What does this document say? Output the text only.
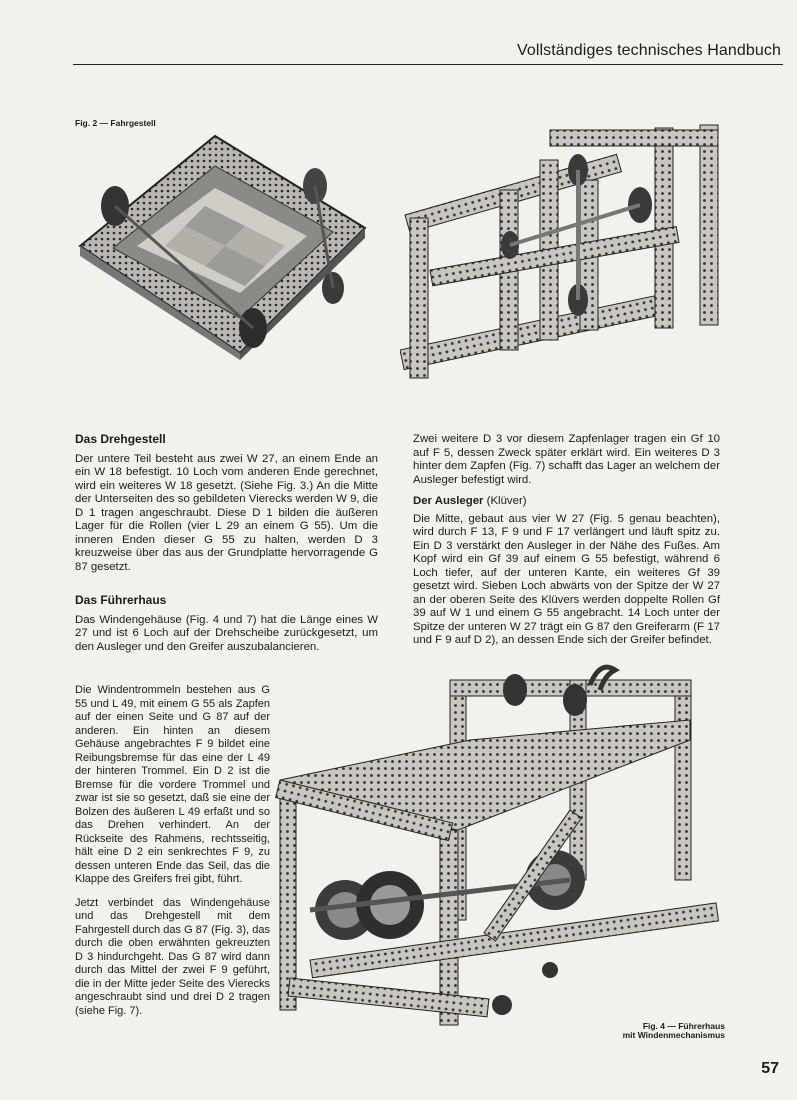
Vollständiges technisches Handbuch
Fig. 2 — Fahrgestell

Das Drehgestell

Der untere Teil besteht aus zwei W 27, an einem Ende an ein W 18 befestigt. 10 Loch vom anderen Ende gerechnet, wird ein weiteres W 18 gesetzt. (Siehe Fig. 3.) An die Mitte der Unterseiten des so gebildeten Vierecks werden W 9, die D 1 tragen angeschraubt. Diese D 1 bilden die äußeren Lager für die Rollen (vier L 29 an einem G 55). Um die inneren Enden dieser G 55 zu halten, werden D 3 kreuzweise über das aus der Grundplatte hervorragende G 87 gesetzt.

Das Führerhaus

Das Windengehäuse (Fig. 4 und 7) hat die Länge eines W 27 und ist 6 Loch auf der Drehscheibe zurückgesetzt, um den Ausleger und den Greifer auszubalancieren.

Die Windentrommeln bestehen aus G 55 und L 49, mit einem G 55 als Zapfen auf der einen Seite und G 87 auf der anderen. Ein hinten an diesem Gehäuse angebrachtes F 9 bildet eine Reibungsbremse für das eine der L 49 der hinteren Trommel. Ein D 2 ist die Bremse für die vordere Trommel und zwar ist sie so gesetzt, daß sie eine der Bolzen des äußeren L 49 erfaßt und so das Drehen verhindert. An der Rückseite des Rahmens, rechtsseitig, hält eine D 2 ein senkrechtes F 9, zu dessen unteren Ende das Seil, das die Klappe des Greifers frei gibt, führt.

Jetzt verbindet das Windengehäuse und das Drehgestell mit dem Fahrgestell durch das G 87 (Fig. 3), das durch die oben erwähnten gekreuzten D 3 hindurchgeht. Das G 87 wird dann durch das Mittel der zwei F 9 geführt, die in der Mitte jeder Seite des Vierecks angeschraubt sind und drei D 2 tragen (siehe Fig. 7).

Zwei weitere D 3 vor diesem Zapfenlager tragen ein Gf 10 auf F 5, dessen Zweck später erklärt wird. Ein weiteres D 3 hinter dem Zapfen (Fig. 7) schafft das Lager an welchem der Ausleger befestigt wird.

Der Ausleger (Klüver)

Die Mitte, gebaut aus vier W 27 (Fig. 5 genau beachten), wird durch F 13, F 9 und F 17 verlängert und läuft spitz zu. Ein D 3 verstärkt den Ausleger in der Nähe des Fußes. Am Kopf wird ein Gf 39 auf einem G 55 befestigt, während 6 Loch tiefer, auf der unteren Kante, ein weiteres Gf 39 gesetzt wird. Sieben Loch abwärts von der Spitze der W 27 an der oberen Seite des Klüvers werden doppelte Rollen Gf 39 auf W 1 und einem G 55 angebracht. 14 Loch unter der Spitze der unteren W 27 trägt ein G 87 den Greiferarm (F 17 und F 9 auf D 2), an dessen Ende sich der Greifer befindet.

Fig. 4 — Führerhaus
mit Windenmechanismus
57
